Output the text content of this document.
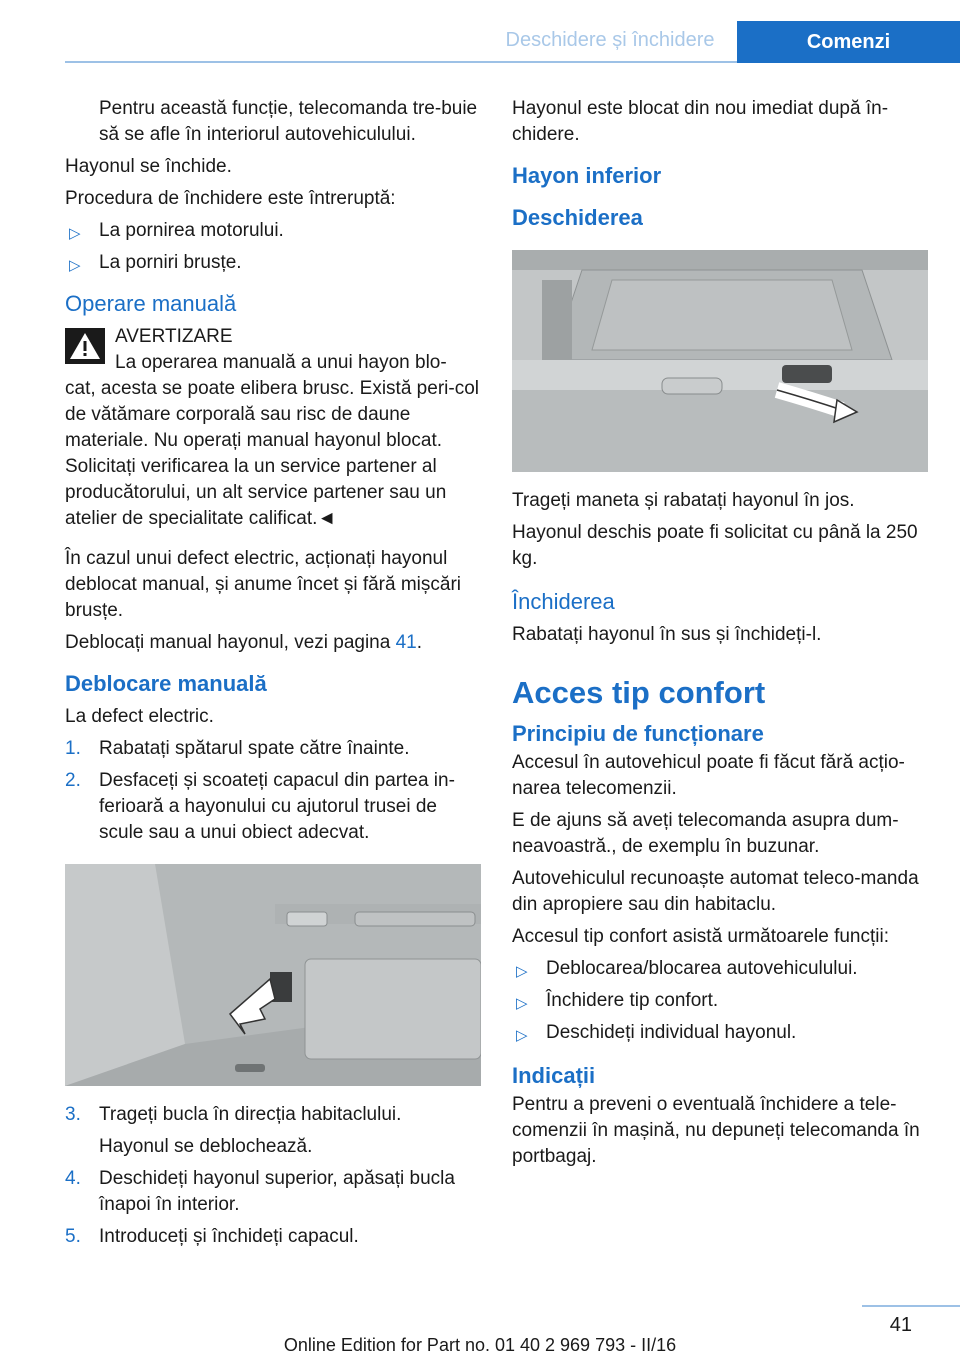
Deschidere și închidere	Comenzi

Pentru această funcție, telecomanda tre‐buie să se afle în interiorul autovehiculului.

Hayonul se închide.

Procedura de închidere este întreruptă:

▷ La pornirea motorului.
▷ La porniri brusțe.
Operare manuală

AVERTIZARE

La operarea manuală a unui hayon blo‐

cat, acesta se poate elibera brusc. Există peri‐col de vătămare corporală sau risc de daune materiale. Nu operați manual hayonul blocat. Solicitați verificarea la un service partener al producătorului, un alt service partener sau un atelier de specialitate calificat.◄

În cazul unui defect electric, acționați hayonul deblocat manual, și anume încet și fără mișcări brusțe.

Deblocați manual hayonul, vezi pagina 41.

Deblocare manuală

La defect electric.

1. Rabatați spătarul spate către înainte.
2. Desfaceți și scoateți capacul din partea in‐ferioară a hayonului cu ajutorul trusei de scule sau a unui obiect adecvat.
3. Trageți bucla în direcția habitaclului.

Hayonul se deblochează.

4. Deschideți hayonul superior, apăsați bucla înapoi în interior.
5. Introduceți și închideți capacul.

Hayonul este blocat din nou imediat după în‐chidere.

Hayon inferior
Deschiderea

Trageți maneta și rabatați hayonul în jos.

Hayonul deschis poate fi solicitat cu până la 250 kg.

Închiderea

Rabatați hayonul în sus și închideți-l.

Acces tip confort
Principiu de funcționare

Accesul în autovehicul poate fi făcut fără acțio‐narea telecomenzii.

E de ajuns să aveți telecomanda asupra dum‐neavoastră., de exemplu în buzunar.

Autovehiculul recunoaște automat teleco‐manda din apropiere sau din habitaclu.

Accesul tip confort asistă următoarele funcții:

▷ Deblocarea/blocarea autovehiculului.
▷ Închidere tip confort.
▷ Deschideți individual hayonul.
Indicații

Pentru a preveni o eventuală închidere a tele‐comenzii în mașină, nu depuneți telecomanda în portbagaj.

41
Online Edition for Part no. 01 40 2 969 793 - II/16
